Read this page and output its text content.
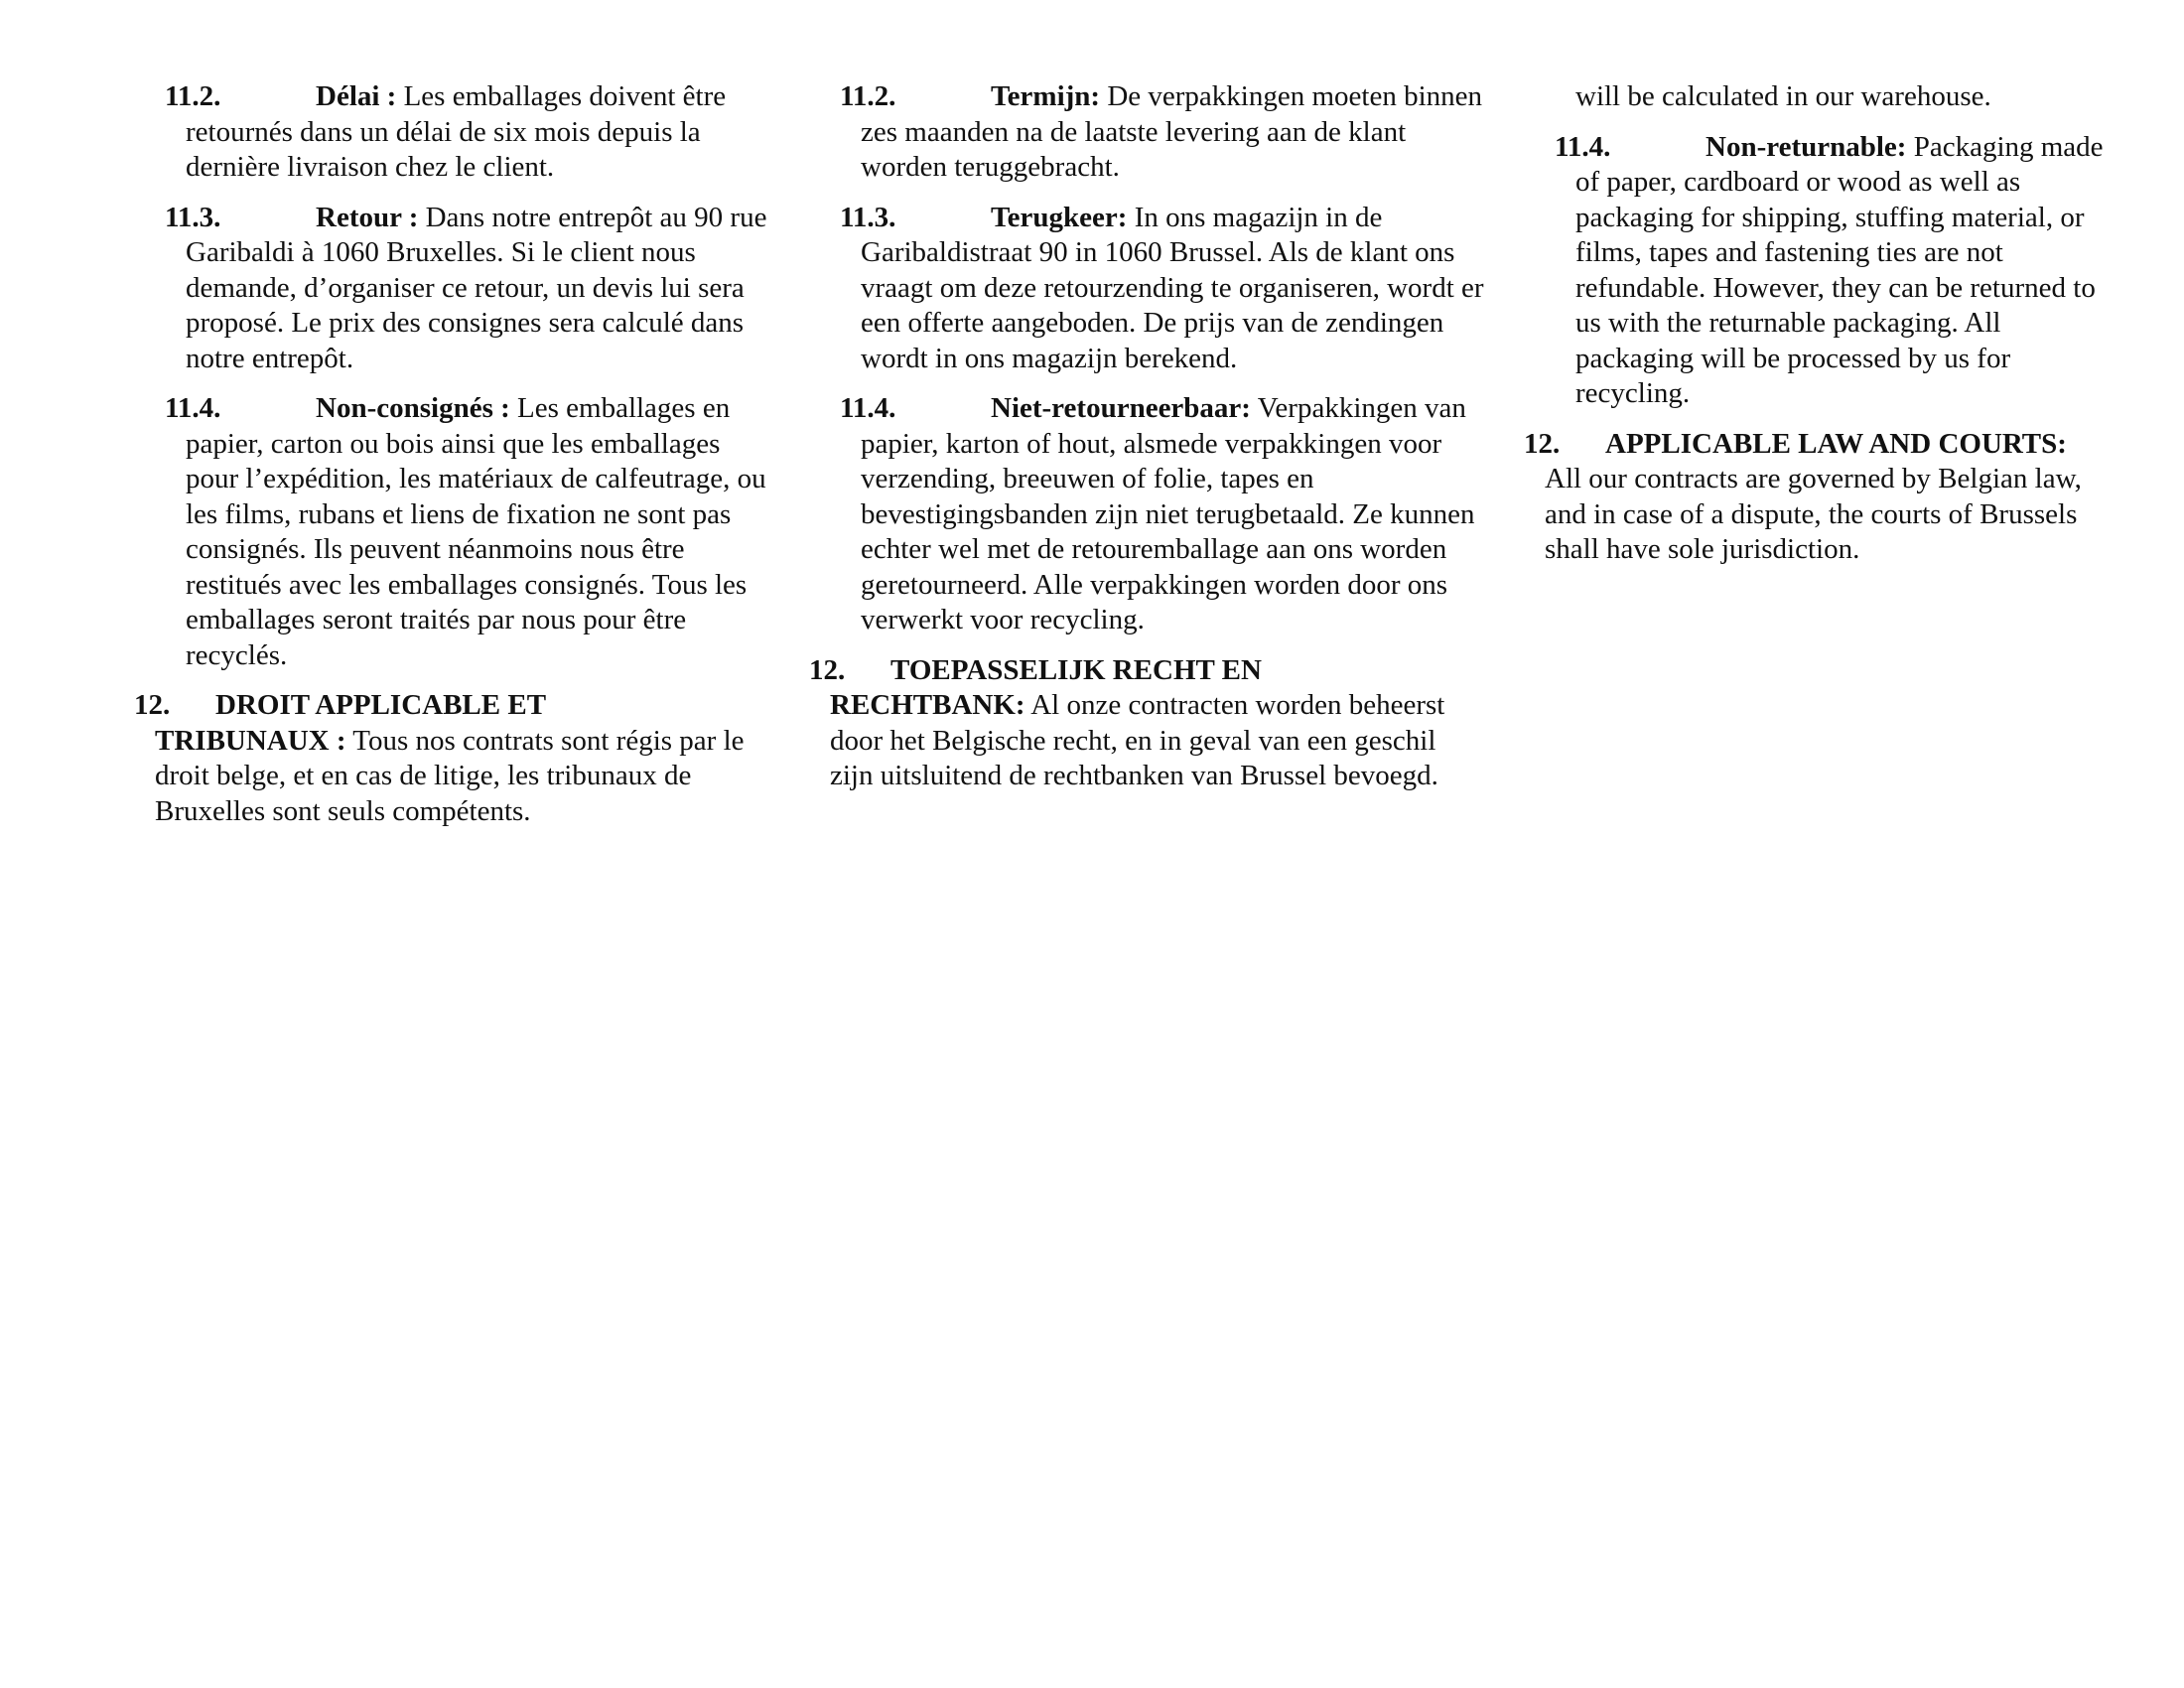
11.2.	Délai : Les emballages doivent être retournés dans un délai de six mois depuis la dernière livraison chez le client.
11.3.	Retour : Dans notre entrepôt au 90 rue Garibaldi à 1060 Bruxelles. Si le client nous demande, d’organiser ce retour, un devis lui sera proposé. Le prix des consignes sera calculé dans notre entrepôt.
11.4.	Non-consignés : Les emballages en papier, carton ou bois ainsi que les emballages pour l’expédition, les matériaux de calfeutrage, ou les films, rubans et liens de fixation ne sont pas consignés. Ils peuvent néanmoins nous être restitués avec les emballages consignés. Tous les emballages seront traités par nous pour être recyclés.
12. DROIT APPLICABLE ET
TRIBUNAUX : Tous nos contrats sont régis par le droit belge, et en cas de litige, les tribunaux de Bruxelles sont seuls compétents.
11.2.	Termijn: De verpakkingen moeten binnen zes maanden na de laatste levering aan de klant worden teruggebracht.
11.3.	Terugkeer: In ons magazijn in de Garibaldistraat 90 in 1060 Brussel. Als de klant ons vraagt om deze retourzending te organiseren, wordt er een offerte aangeboden. De prijs van de zendingen wordt in ons magazijn berekend.
11.4.	Niet-retourneerbaar: Verpakkingen van papier, karton of hout, alsmede verpakkingen voor verzending, breeuwen of folie, tapes en bevestigingsbanden zijn niet terugbetaald. Ze kunnen echter wel met de retouremballage aan ons worden geretourneerd. Alle verpakkingen worden door ons verwerkt voor recycling.
12. TOEPASSELIJK RECHT EN
RECHTBANK: Al onze contracten worden beheerst door het Belgische recht, en in geval van een geschil zijn uitsluitend de rechtbanken van Brussel bevoegd.
will be calculated in our warehouse.
11.4.	Non-returnable: Packaging made of paper, cardboard or wood as well as packaging for shipping, stuffing material, or films, tapes and fastening ties are not refundable. However, they can be returned to us with the returnable packaging. All packaging will be processed by us for recycling.
12. APPLICABLE LAW AND COURTS:
All our contracts are governed by Belgian law, and in case of a dispute, the courts of Brussels shall have sole jurisdiction.
